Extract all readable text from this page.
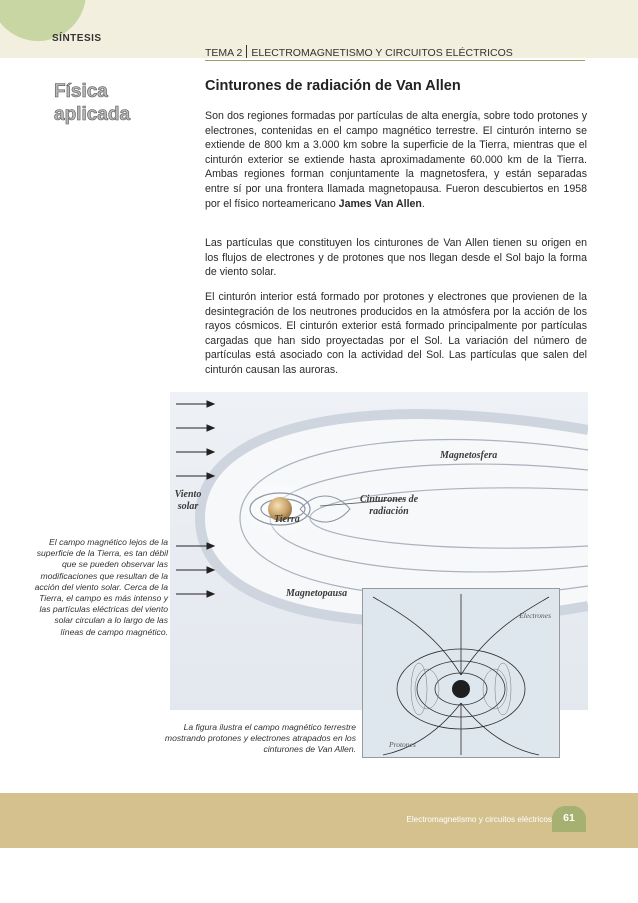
SÍNTESIS
TEMA 2 ELECTROMAGNETISMO Y CIRCUITOS ELÉCTRICOS
Física
aplicada
Cinturones de radiación de Van Allen
Son dos regiones formadas por partículas de alta energía, sobre todo protones y electrones, contenidas en el campo magnético terrestre. El cinturón interno se extiende de 800 km a 3.000 km sobre la superficie de la Tierra, mientras que el cinturón exterior se extiende hasta aproximadamente 60.000 km de la Tierra. Ambas regiones forman conjuntamente la magnetosfera, y están separadas entre sí por una frontera llamada magnetopausa. Fueron descubiertos en 1958 por el físico norteamericano James Van Allen.
Las partículas que constituyen los cinturones de Van Allen tienen su origen en los flujos de electrones y de protones que nos llegan desde el Sol bajo la forma de viento solar.
El cinturón interior está formado por protones y electrones que provienen de la desintegración de los neutrones producidos en la atmósfera por la acción de los rayos cósmicos. El cinturón exterior está formado principalmente por partículas cargadas que han sido proyectadas por el Sol. La variación del número de partículas está asociado con la actividad del Sol. Las partículas que salen del cinturón causan las auroras.
Magnetosfera
Viento solar
Tierra
Cinturones de radiación
Magnetopausa
Electrones
Protones
El campo magnético lejos de la superficie de la Tierra, es tan débil que se pueden observar las modificaciones que resultan de la acción del viento solar. Cerca de la Tierra, el campo es más intenso y las partículas eléctricas del viento solar circulan a lo largo de las líneas de campo magnético.
La figura ilustra el campo magnético terrestre mostrando protones y electrones atrapados en los cinturones de Van Allen.
Electromagnetismo y circuitos eléctricos	61
